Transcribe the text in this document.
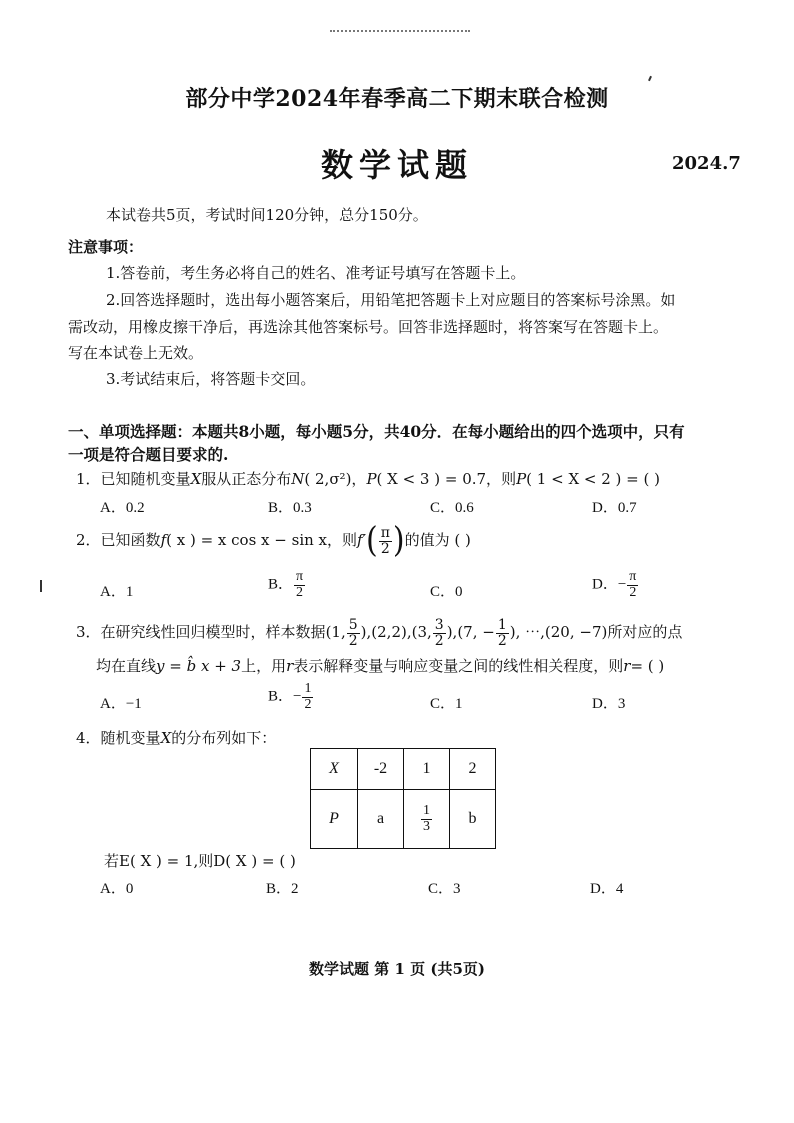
部分中学2024年春季高二下期末联合检测
数学试题	2024.7
本试卷共5页，考试时间120分钟，总分150分。
注意事项：
1.答卷前，考生务必将自己的姓名、准考证号填写在答题卡上。
2.回答选择题时，选出每小题答案后，用铅笔把答题卡上对应题目的答案标号涂黑。如
需改动，用橡皮擦干净后，再选涂其他答案标号。回答非选择题时，将答案写在答题卡上。
写在本试卷上无效。
3.考试结束后，将答题卡交回。
一、单项选择题：本题共8小题，每小题5分，共40分．在每小题给出的四个选项中，只有
一项是符合题目要求的.
1．已知随机变量X服从正态分布N( 2,σ²)，P( X < 3 ) = 0.7，则P( 1 < X < 2 ) = ( )
A．0.2	B．0.3	C．0.6	D．0.7
2．已知函数f( x ) = x cos x − sin x，则$f'( \frac{\pi}{2}$ )的值为 ( )
A．1	B． $\frac{\pi}{2}$	C．0	D．− $\frac{\pi}{2}$
3．在研究线性回归模型时，样本数据(1, $\frac{5}{2} ),(2,2),(3$, $\frac{3}{2} ),(7$, − $\frac{1}{2}$ ), ⋯,(20, −7)所对应的点
均在直线y = b̂ x + 3上，用r表示解释变量与响应变量之间的线性相关程度，则r= ( )
A．−1	B．− $\frac{1}{2}$	C．1	D．3
4．随机变量X的分布列如下：
X	-2	1	2
P	a	$\frac{1}{3}$	b
若E( X ) = 1,则D( X ) = ( )
A．0	B．2	C．3	D．4
数学试题 第 1 页 (共5页)
